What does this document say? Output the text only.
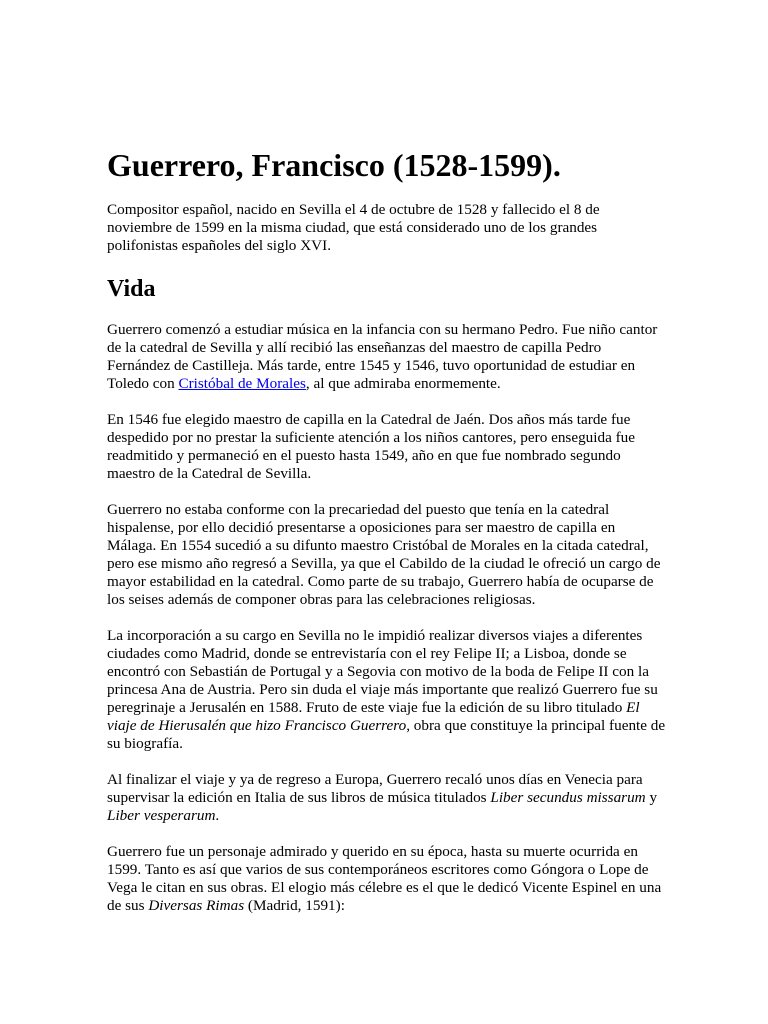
Guerrero, Francisco (1528-1599).

Compositor español, nacido en Sevilla el 4 de octubre de 1528 y fallecido el 8 de noviembre de 1599 en la misma ciudad, que está considerado uno de los grandes polifonistas españoles del siglo XVI.

Vida

Guerrero comenzó a estudiar música en la infancia con su hermano Pedro. Fue niño cantor de la catedral de Sevilla y allí recibió las enseñanzas del maestro de capilla Pedro Fernández de Castilleja. Más tarde, entre 1545 y 1546, tuvo oportunidad de estudiar en Toledo con Cristóbal de Morales, al que admiraba enormemente.

En 1546 fue elegido maestro de capilla en la Catedral de Jaén. Dos años más tarde fue despedido por no prestar la suficiente atención a los niños cantores, pero enseguida fue readmitido y permaneció en el puesto hasta 1549, año en que fue nombrado segundo maestro de la Catedral de Sevilla.

Guerrero no estaba conforme con la precariedad del puesto que tenía en la catedral hispalense, por ello decidió presentarse a oposiciones para ser maestro de capilla en Málaga. En 1554 sucedió a su difunto maestro Cristóbal de Morales en la citada catedral, pero ese mismo año regresó a Sevilla, ya que el Cabildo de la ciudad le ofreció un cargo de mayor estabilidad en la catedral. Como parte de su trabajo, Guerrero había de ocuparse de los seises además de componer obras para las celebraciones religiosas.

La incorporación a su cargo en Sevilla no le impidió realizar diversos viajes a diferentes ciudades como Madrid, donde se entrevistaría con el rey Felipe II; a Lisboa, donde se encontró con Sebastián de Portugal y a Segovia con motivo de la boda de Felipe II con la princesa Ana de Austria. Pero sin duda el viaje más importante que realizó Guerrero fue su peregrinaje a Jerusalén en 1588. Fruto de este viaje fue la edición de su libro titulado El viaje de Hierusalén que hizo Francisco Guerrero, obra que constituye la principal fuente de su biografía.

Al finalizar el viaje y ya de regreso a Europa, Guerrero recaló unos días en Venecia para supervisar la edición en Italia de sus libros de música titulados Liber secundus missarum y Liber vesperarum.

Guerrero fue un personaje admirado y querido en su época, hasta su muerte ocurrida en 1599. Tanto es así que varios de sus contemporáneos escritores como Góngora o Lope de Vega le citan en sus obras. El elogio más célebre es el que le dedicó Vicente Espinel en una de sus Diversas Rimas (Madrid, 1591):
